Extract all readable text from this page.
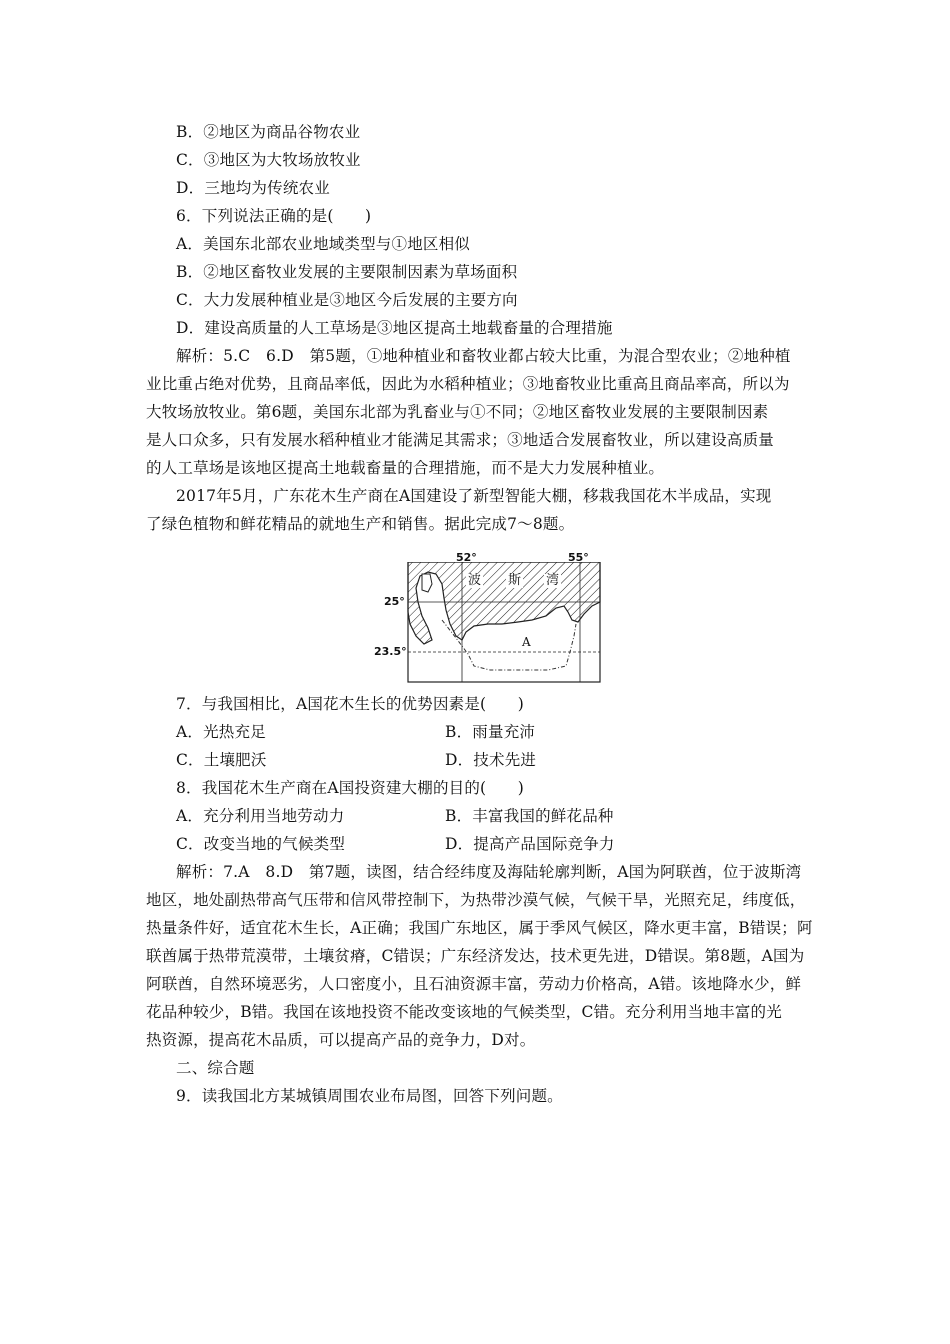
B．②地区为商品谷物农业
C．③地区为大牧场放牧业
D．三地均为传统农业
6．下列说法正确的是(　　)
A．美国东北部农业地域类型与①地区相似
B．②地区畜牧业发展的主要限制因素为草场面积
C．大力发展种植业是③地区今后发展的主要方向
D．建设高质量的人工草场是③地区提高土地载畜量的合理措施
解析：5.C　6.D　第5题，①地种植业和畜牧业都占较大比重，为混合型农业；②地种植
业比重占绝对优势，且商品率低，因此为水稻种植业；③地畜牧业比重高且商品率高，所以为
大牧场放牧业。第6题，美国东北部为乳畜业与①不同；②地区畜牧业发展的主要限制因素
是人口众多，只有发展水稻种植业才能满足其需求；③地适合发展畜牧业，所以建设高质量
的人工草场是该地区提高土地载畜量的合理措施，而不是大力发展种植业。
2017年5月，广东花木生产商在A国建设了新型智能大棚，移栽我国花木半成品，实现
了绿色植物和鲜花精品的就地生产和销售。据此完成7～8题。
52°	55°
25°
23.5°
波 斯 湾
A
7．与我国相比，A国花木生长的优势因素是(　　)
A．光热充足	B．雨量充沛
C．土壤肥沃	D．技术先进
8．我国花木生产商在A国投资建大棚的目的(　　)
A．充分利用当地劳动力	B．丰富我国的鲜花品种
C．改变当地的气候类型	D．提高产品国际竞争力
解析：7.A　8.D　第7题，读图，结合经纬度及海陆轮廓判断，A国为阿联酋，位于波斯湾
地区，地处副热带高气压带和信风带控制下，为热带沙漠气候，气候干旱，光照充足，纬度低，
热量条件好，适宜花木生长，A正确；我国广东地区，属于季风气候区，降水更丰富，B错误；阿
联酋属于热带荒漠带，土壤贫瘠，C错误；广东经济发达，技术更先进，D错误。第8题，A国为
阿联酋，自然环境恶劣，人口密度小，且石油资源丰富，劳动力价格高，A错。该地降水少，鲜
花品种较少，B错。我国在该地投资不能改变该地的气候类型，C错。充分利用当地丰富的光
热资源，提高花木品质，可以提高产品的竞争力，D对。
二、综合题
9．读我国北方某城镇周围农业布局图，回答下列问题。
